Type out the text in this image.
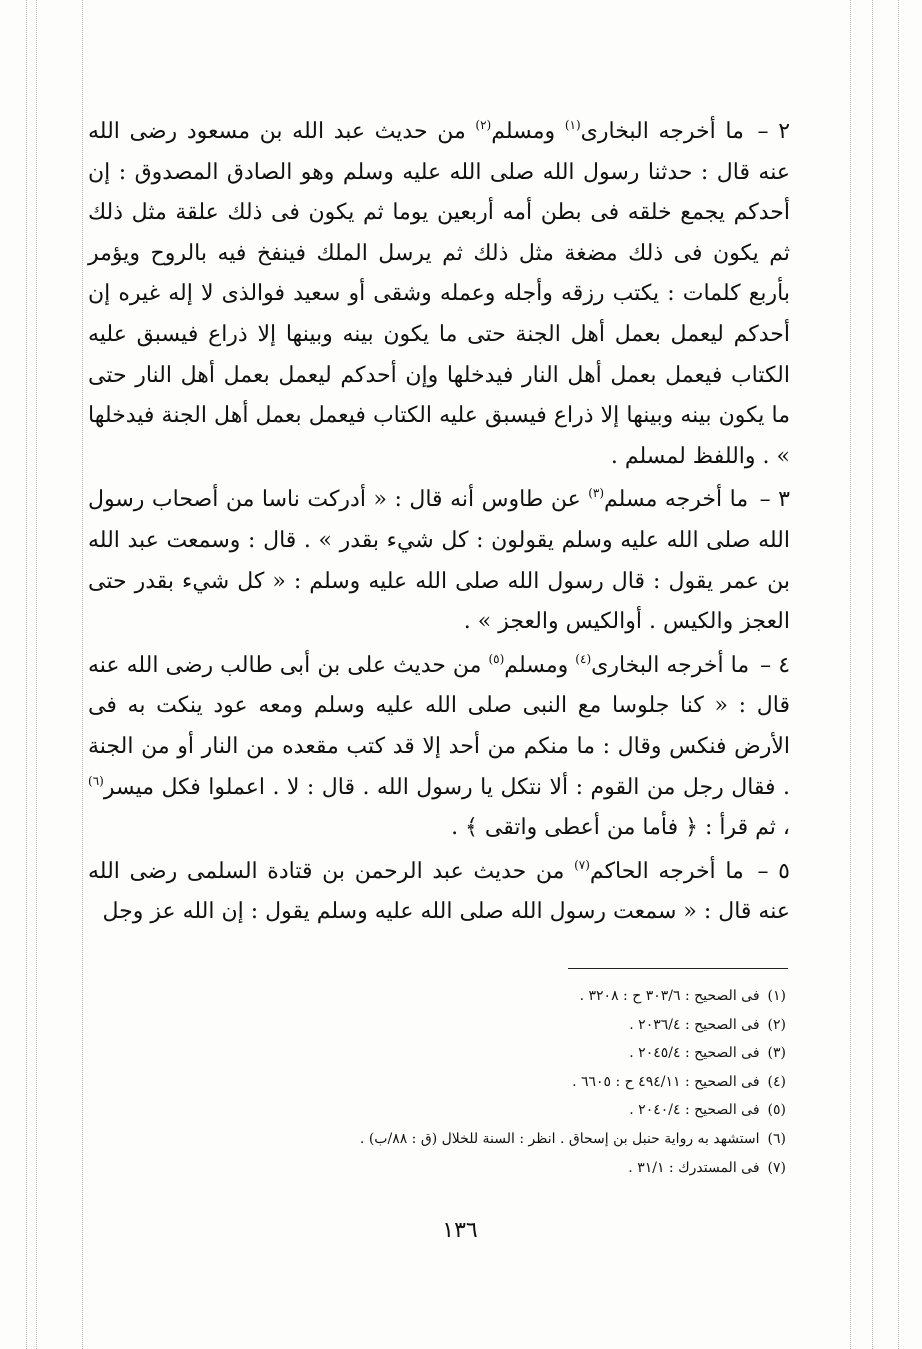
٢ – ما أخرجه البخارى$^{(١)}$ ومسلم$^{(٢)}$ من حديث عبد الله بن مسعود رضى الله عنه قال : حدثنا رسول الله صلى الله عليه وسلم وهو الصادق المصدوق : إن أحدكم يجمع خلقه فى بطن أمه أربعين يوما ثم يكون فى ذلك علقة مثل ذلك ثم يكون فى ذلك مضغة مثل ذلك ثم يرسل الملك فينفخ فيه بالروح ويؤمر بأربع كلمات : يكتب رزقه وأجله وعمله وشقى أو سعيد فوالذى لا إله غيره إن أحدكم ليعمل بعمل أهل الجنة حتى ما يكون بينه وبينها إلا ذراع فيسبق عليه الكتاب فيعمل بعمل أهل النار فيدخلها وإن أحدكم ليعمل بعمل أهل النار حتى ما يكون بينه وبينها إلا ذراع فيسبق عليه الكتاب فيعمل بعمل أهل الجنة فيدخلها » . واللفظ لمسلم .

٣ – ما أخرجه مسلم$^{(٣)}$ عن طاوس أنه قال : « أدركت ناسا من أصحاب رسول الله صلى الله عليه وسلم يقولون : كل شيء بقدر » . قال : وسمعت عبد الله بن عمر يقول : قال رسول الله صلى الله عليه وسلم : « كل شيء بقدر حتى العجز والكيس . أوالكيس والعجز » .

٤ – ما أخرجه البخارى$^{(٤)}$ ومسلم$^{(٥)}$ من حديث على بن أبى طالب رضى الله عنه قال : « كنا جلوسا مع النبى صلى الله عليه وسلم ومعه عود ينكت به فى الأرض فنكس وقال : ما منكم من أحد إلا قد كتب مقعده من النار أو من الجنة . فقال رجل من القوم : ألا نتكل يا رسول الله . قال : لا . اعملوا فكل ميسر$^{(٦)}$ ، ثم قرأ : ﴿ فأما من أعطى واتقى ﴾ .

٥ – ما أخرجه الحاكم$^{(٧)}$ من حديث عبد الرحمن بن قتادة السلمى رضى الله عنه قال : « سمعت رسول الله صلى الله عليه وسلم يقول : إن الله عز وجل

(١)فى الصحيح : ٣٠٣/٦ ح : ٣٢٠٨ .
(٢)فى الصحيح : ٢٠٣٦/٤ .
(٣)فى الصحيح : ٢٠٤٥/٤ .
(٤)فى الصحيح : ٤٩٤/١١ ح : ٦٦٠٥ .
(٥)فى الصحيح : ٢٠٤٠/٤ .
(٦)استشهد به رواية حنبل بن إسحاق . انظر : السنة للخلال (ق : ٨٨/ب) .
(٧)فى المستدرك : ٣١/١ .
١٣٦
